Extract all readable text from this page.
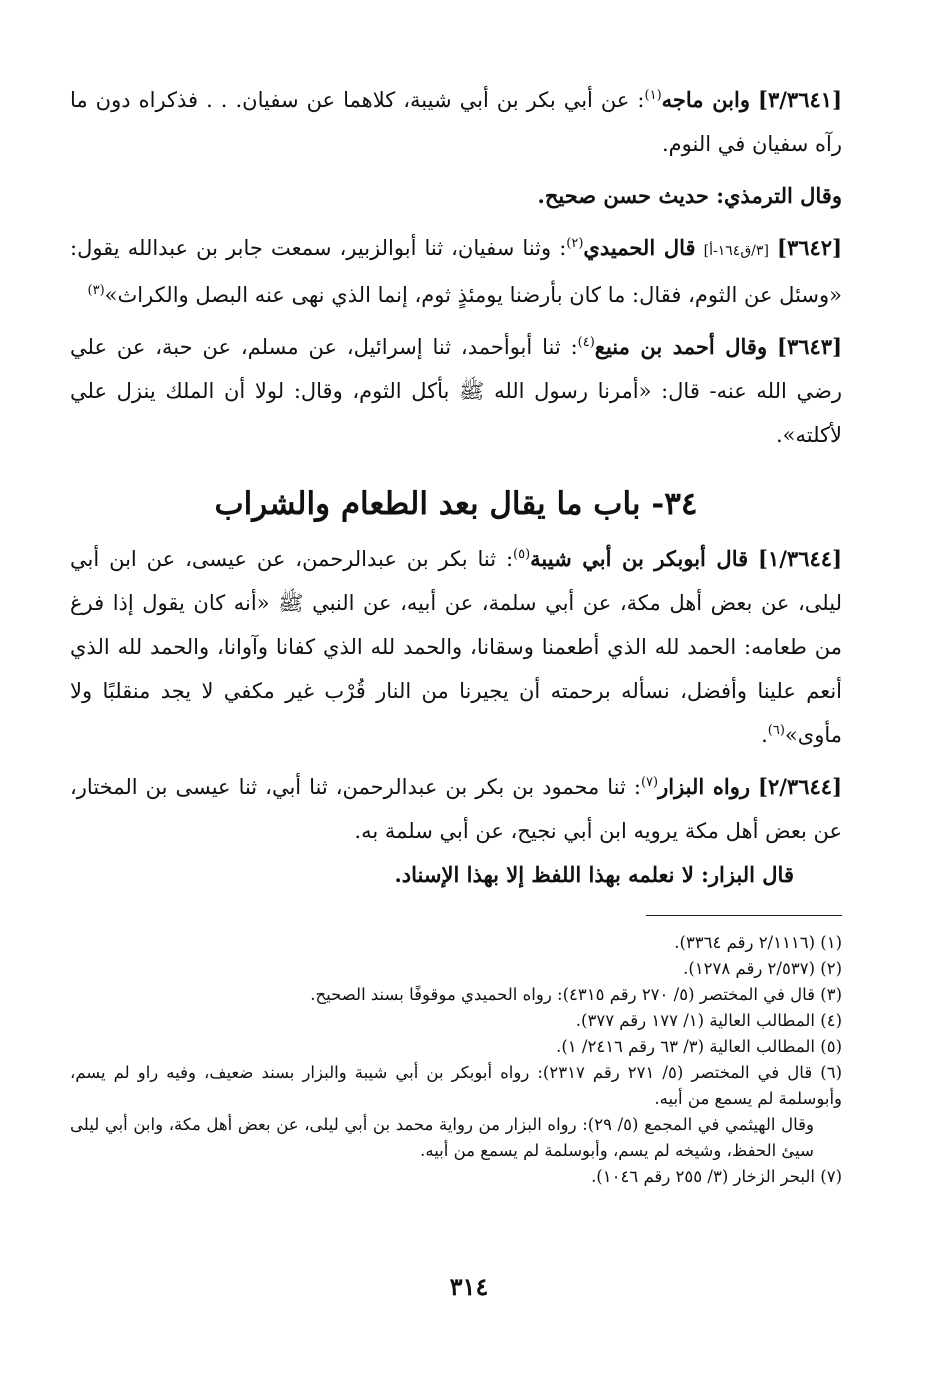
[٣/٣٦٤١] وابن ماجه$^{(١)}$: عن أبي بكر بن أبي شيبة، كلاهما عن سفيان. . . فذكراه دون ما رآه سفيان في النوم.

وقال الترمذي: حديث حسن صحيح.

[٣٦٤٢] [٣/ق١٦٤-أ] قال الحميدي$^{(٢)}$: وثنا سفيان، ثنا أبوالزبير، سمعت جابر بن عبدالله يقول: «وسئل عن الثوم، فقال: ما كان بأرضنا يومئذٍ ثوم، إنما الذي نهى عنه البصل والكراث»$^{(٣)}$

[٣٦٤٣] وقال أحمد بن منيع$^{(٤)}$: ثنا أبوأحمد، ثنا إسرائيل، عن مسلم، عن حبة، عن علي رضي الله عنه- قال: «أمرنا رسول الله ﷺ بأكل الثوم، وقال: لولا أن الملك ينزل علي لأكلته».

٣٤- باب ما يقال بعد الطعام والشراب

[١/٣٦٤٤] قال أبوبكر بن أبي شيبة$^{(٥)}$: ثنا بكر بن عبدالرحمن، عن عيسى، عن ابن أبي ليلى، عن بعض أهل مكة، عن أبي سلمة، عن أبيه، عن النبي ﷺ «أنه كان يقول إذا فرغ من طعامه: الحمد لله الذي أطعمنا وسقانا، والحمد لله الذي كفانا وآوانا، والحمد لله الذي أنعم علينا وأفضل، نسأله برحمته أن يجيرنا من النار قُرْب غير مكفي لا يجد منقلبًا ولا مأوى»$^{(٦)}$.

[٢/٣٦٤٤] رواه البزار$^{(٧)}$: ثنا محمود بن بكر بن عبدالرحمن، ثنا أبي، ثنا عيسى بن المختار، عن بعض أهل مكة يرويه ابن أبي نجيح، عن أبي سلمة به.
قال البزار: لا نعلمه بهذا اللفظ إلا بهذا الإسناد.

(١) (٢/١١١٦ رقم ٣٣٦٤).

(٢) (٢/٥٣٧ رقم ١٢٧٨).

(٣) قال في المختصر (٥/ ٢٧٠ رقم ٤٣١٥): رواه الحميدي موقوفًا بسند الصحيح.

(٤) المطالب العالية (١/ ١٧٧ رقم ٣٧٧).

(٥) المطالب العالية (٣/ ٦٣ رقم ٢٤١٦/ ١).

(٦) قال في المختصر (٥/ ٢٧١ رقم ٢٣١٧): رواه أبوبكر بن أبي شيبة والبزار بسند ضعيف، وفيه راو لم يسم، وأبوسلمة لم يسمع من أبيه.

وقال الهيثمي في المجمع (٥/ ٢٩): رواه البزار من رواية محمد بن أبي ليلى، عن بعض أهل مكة، وابن أبي ليلى سيئ الحفظ، وشيخه لم يسم، وأبوسلمة لم يسمع من أبيه.

(٧) البحر الزخار (٣/ ٢٥٥ رقم ١٠٤٦).

٣١٤
